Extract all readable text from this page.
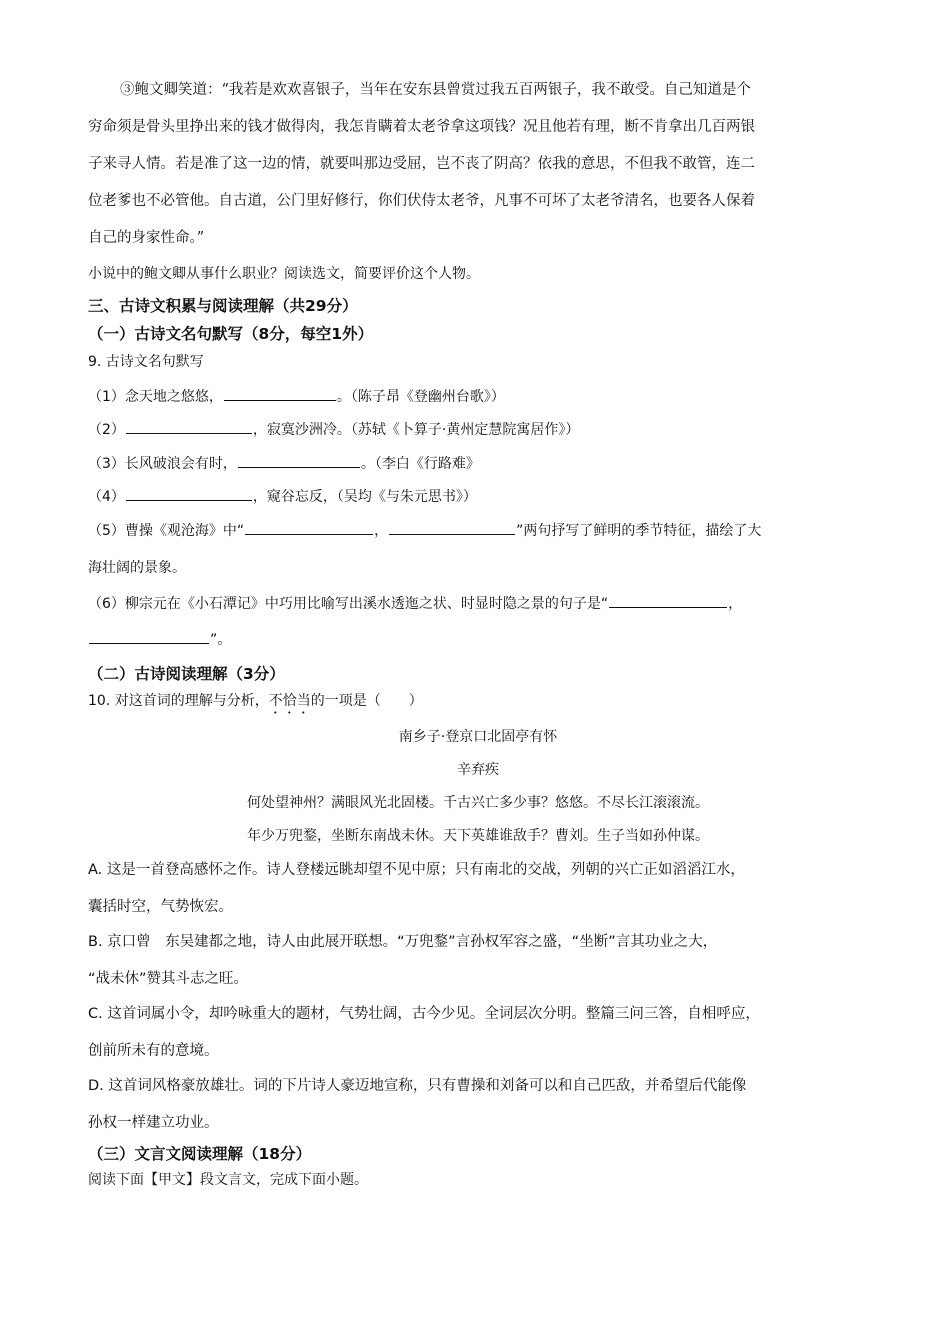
③鲍文卿笑道：“我若是欢欢喜银子，当年在安东县曾赏过我五百两银子，我不敢受。自己知道是个
穷命须是骨头里挣出来的钱才做得肉，我怎肯瞒着太老爷拿这项钱？况且他若有理，断不肯拿出几百两银
子来寻人情。若是准了这一边的情，就要叫那边受屈，岂不丧了阴高？依我的意思，不但我不敢管，连二
位老爹也不必管他。自古道，公门里好修行，你们伏侍太老爷，凡事不可坏了太老爷清名，也要各人保着
自己的身家性命。”
小说中的鲍文卿从事什么职业？阅读选文，简要评价这个人物。
三、古诗文积累与阅读理解（共29分）
（一）古诗文名句默写（8分，每空1外）
9. 古诗文名句默写
（1）念天地之悠悠，	。（陈子昂《登幽州台歌》）
（2）	，寂寞沙洲冷。（苏轼《卜算子·黄州定慧院寓居作》）
（3）长风破浪会有时，	。（李白《行路难》
（4）	，窥谷忘反，（吴均《与朱元思书》）
（5）曹操《观沧海》中“	，	”两句抒写了鲜明的季节特征，描绘了大
海壮阔的景象。
（6）柳宗元在《小石潭记》中巧用比喻写出溪水透迤之状、时显时隐之景的句子是“	，
”。
（二）古诗阅读理解（3分）
10. 对这首词的理解与分析，不恰当的一项是（　　）
南乡子·登京口北固亭有怀
辛弃疾
何处望神州？满眼风光北固楼。千古兴亡多少事？悠悠。不尽长江滚滚流。
年少万兜鍪，坐断东南战未休。天下英雄谁敌手？曹刘。生子当如孙仲谋。
A. 这是一首登高感怀之作。诗人登楼远眺却望不见中原；只有南北的交战，列朝的兴亡正如滔滔江水，
囊括时空，气势恢宏。
B. 京口曾　东吴建都之地，诗人由此展开联想。“万兜鍪”言孙权军容之盛，“坐断”言其功业之大，
“战未休”赞其斗志之旺。
C. 这首词属小令，却吟咏重大的题材，气势壮阔，古今少见。全词层次分明。整篇三问三答，自相呼应，
创前所未有的意境。
D. 这首词风格豪放雄壮。词的下片诗人豪迈地宣称，只有曹操和刘备可以和自己匹敌，并希望后代能像
孙权一样建立功业。
（三）文言文阅读理解（18分）
阅读下面【甲文】段文言文，完成下面小题。
